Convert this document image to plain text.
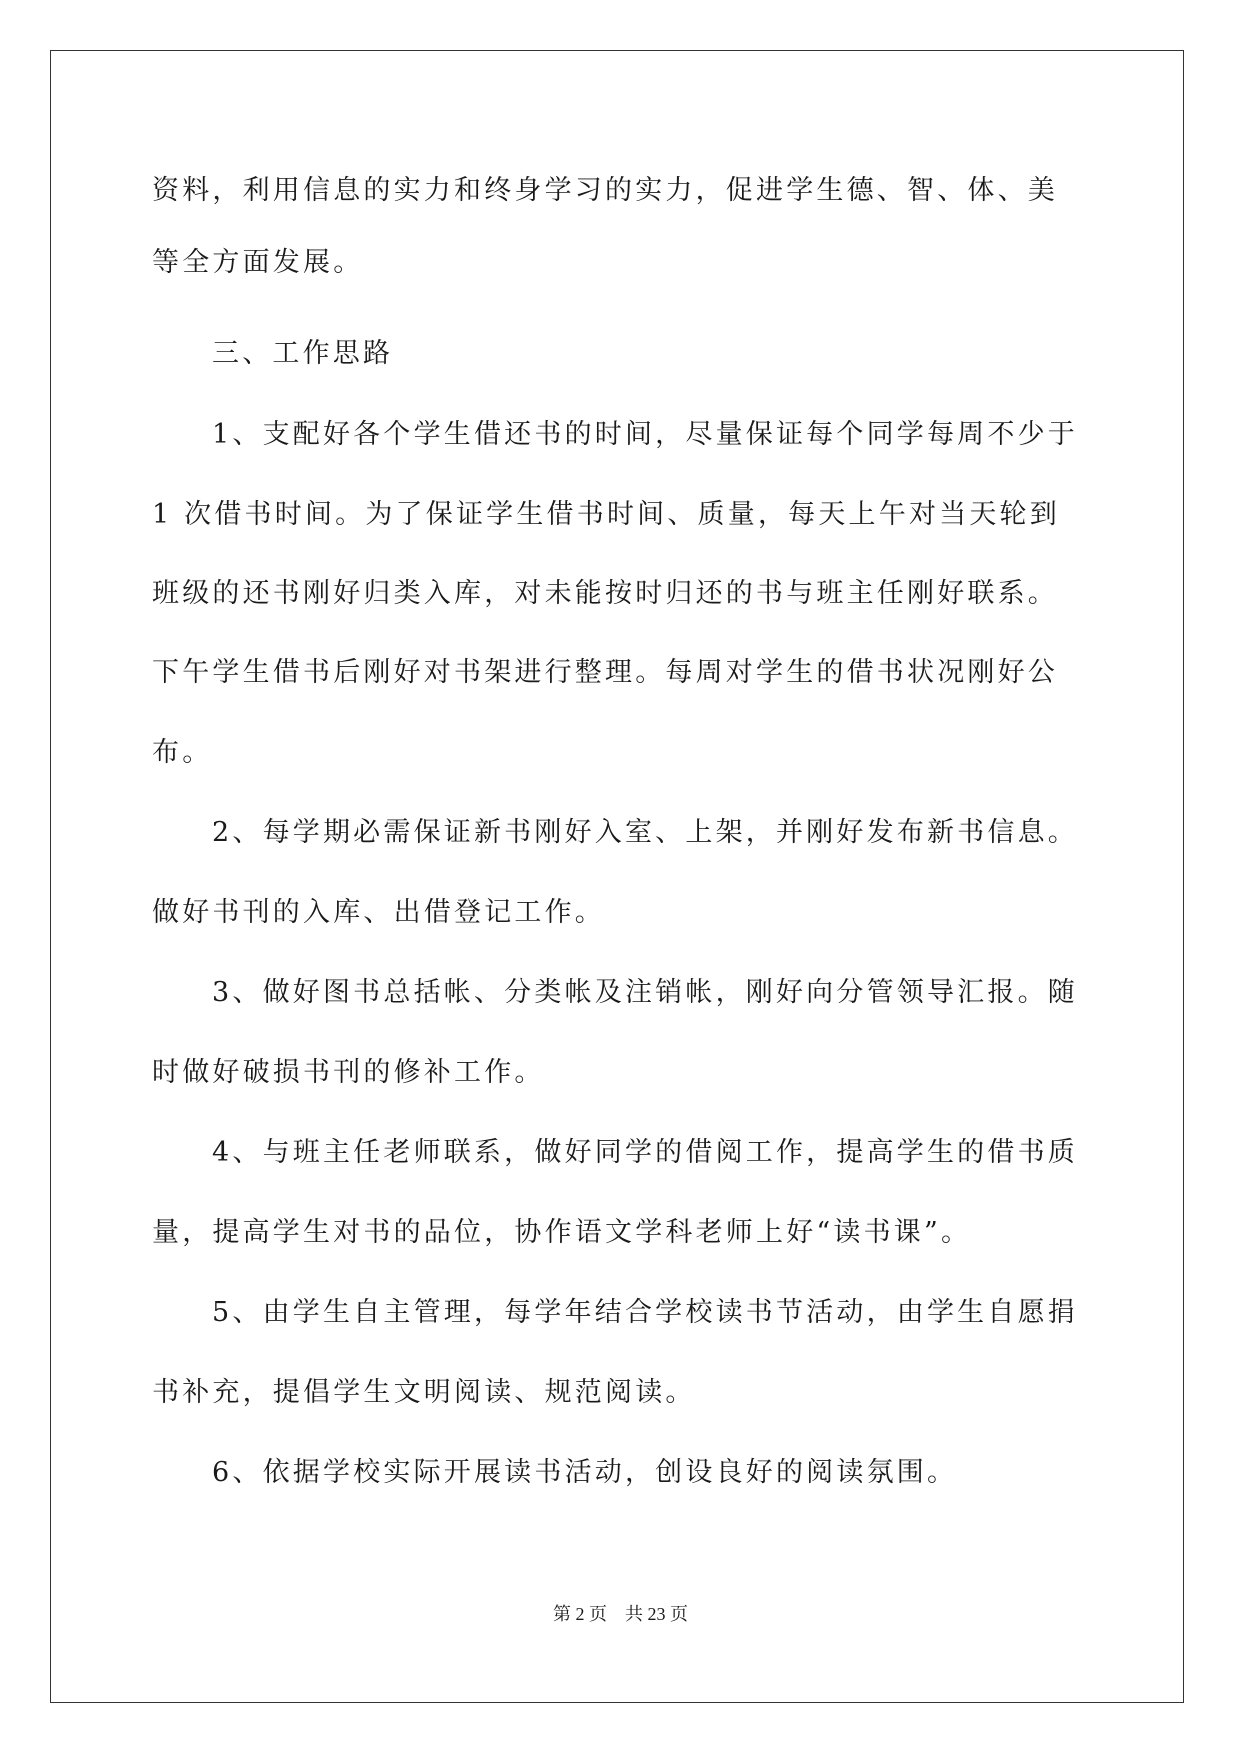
资料，利用信息的实力和终身学习的实力，促进学生德、智、体、美

等全方面发展。

三、工作思路

1、支配好各个学生借还书的时间，尽量保证每个同学每周不少于

1 次借书时间。为了保证学生借书时间、质量，每天上午对当天轮到

班级的还书刚好归类入库，对未能按时归还的书与班主任刚好联系。

下午学生借书后刚好对书架进行整理。每周对学生的借书状况刚好公

布。

2、每学期必需保证新书刚好入室、上架，并刚好发布新书信息。

做好书刊的入库、出借登记工作。

3、做好图书总括帐、分类帐及注销帐，刚好向分管领导汇报。随

时做好破损书刊的修补工作。

4、与班主任老师联系，做好同学的借阅工作，提高学生的借书质

量，提高学生对书的品位，协作语文学科老师上好“读书课”。

5、由学生自主管理，每学年结合学校读书节活动，由学生自愿捐

书补充，提倡学生文明阅读、规范阅读。

6、依据学校实际开展读书活动，创设良好的阅读氛围。

第 2 页    共 23 页
